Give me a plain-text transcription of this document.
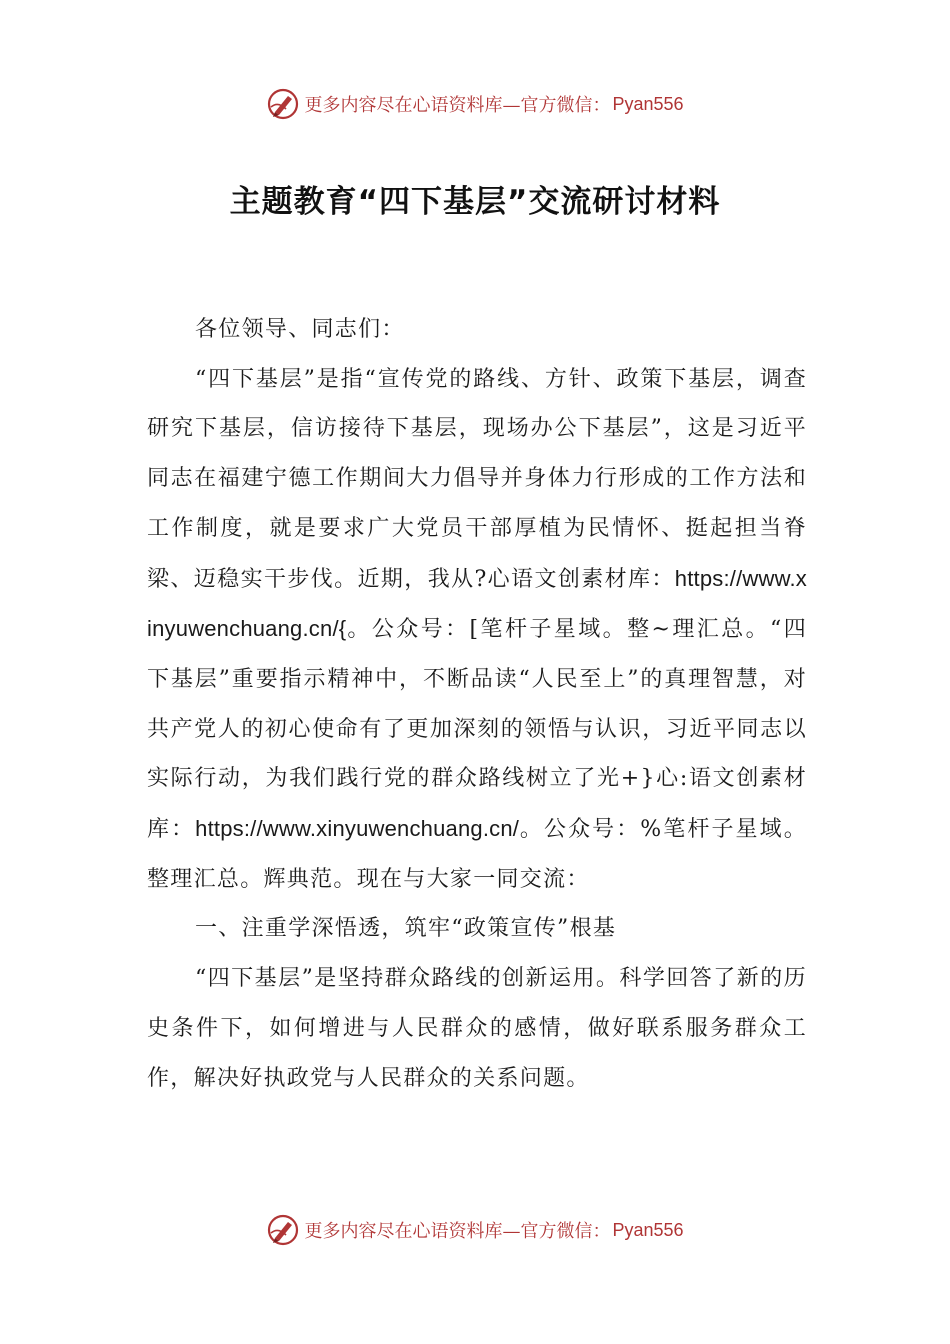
更多内容尽在心语资料库— 官方微信： Pyan556
主题教育“四下基层”交流研讨材料

各位领导、同志们：

“四下基层”是指“宣传党的路线、方针、政策下基层，调查研究下基层，信访接待下基层，现场办公下基层”，这是习近平同志在福建宁德工作期间大力倡导并身体力行形成的工作方法和工作制度，就是要求广大党员干部厚植为民情怀、挺起担当脊梁、迈稳实干步伐。近期，我从?心语文创素材库：https://www.xinyuwenchuang.cn/{。公众号：[笔杆子星域。整~理汇总。“四下基层”重要指示精神中，不断品读“人民至上”的真理智慧，对共产党人的初心使命有了更加深刻的领悟与认识，习近平同志以实际行动，为我们践行党的群众路线树立了光+}心:语文创素材库：https://www.xinyuwenchuang.cn/。公众号：%笔杆子星域。整理汇总。辉典范。现在与大家一同交流：

一、注重学深悟透，筑牢“政策宣传”根基

“四下基层”是坚持群众路线的创新运用。科学回答了新的历史条件下，如何增进与人民群众的感情，做好联系服务群众工作，解决好执政党与人民群众的关系问题。

更多内容尽在心语资料库— 官方微信： Pyan556
